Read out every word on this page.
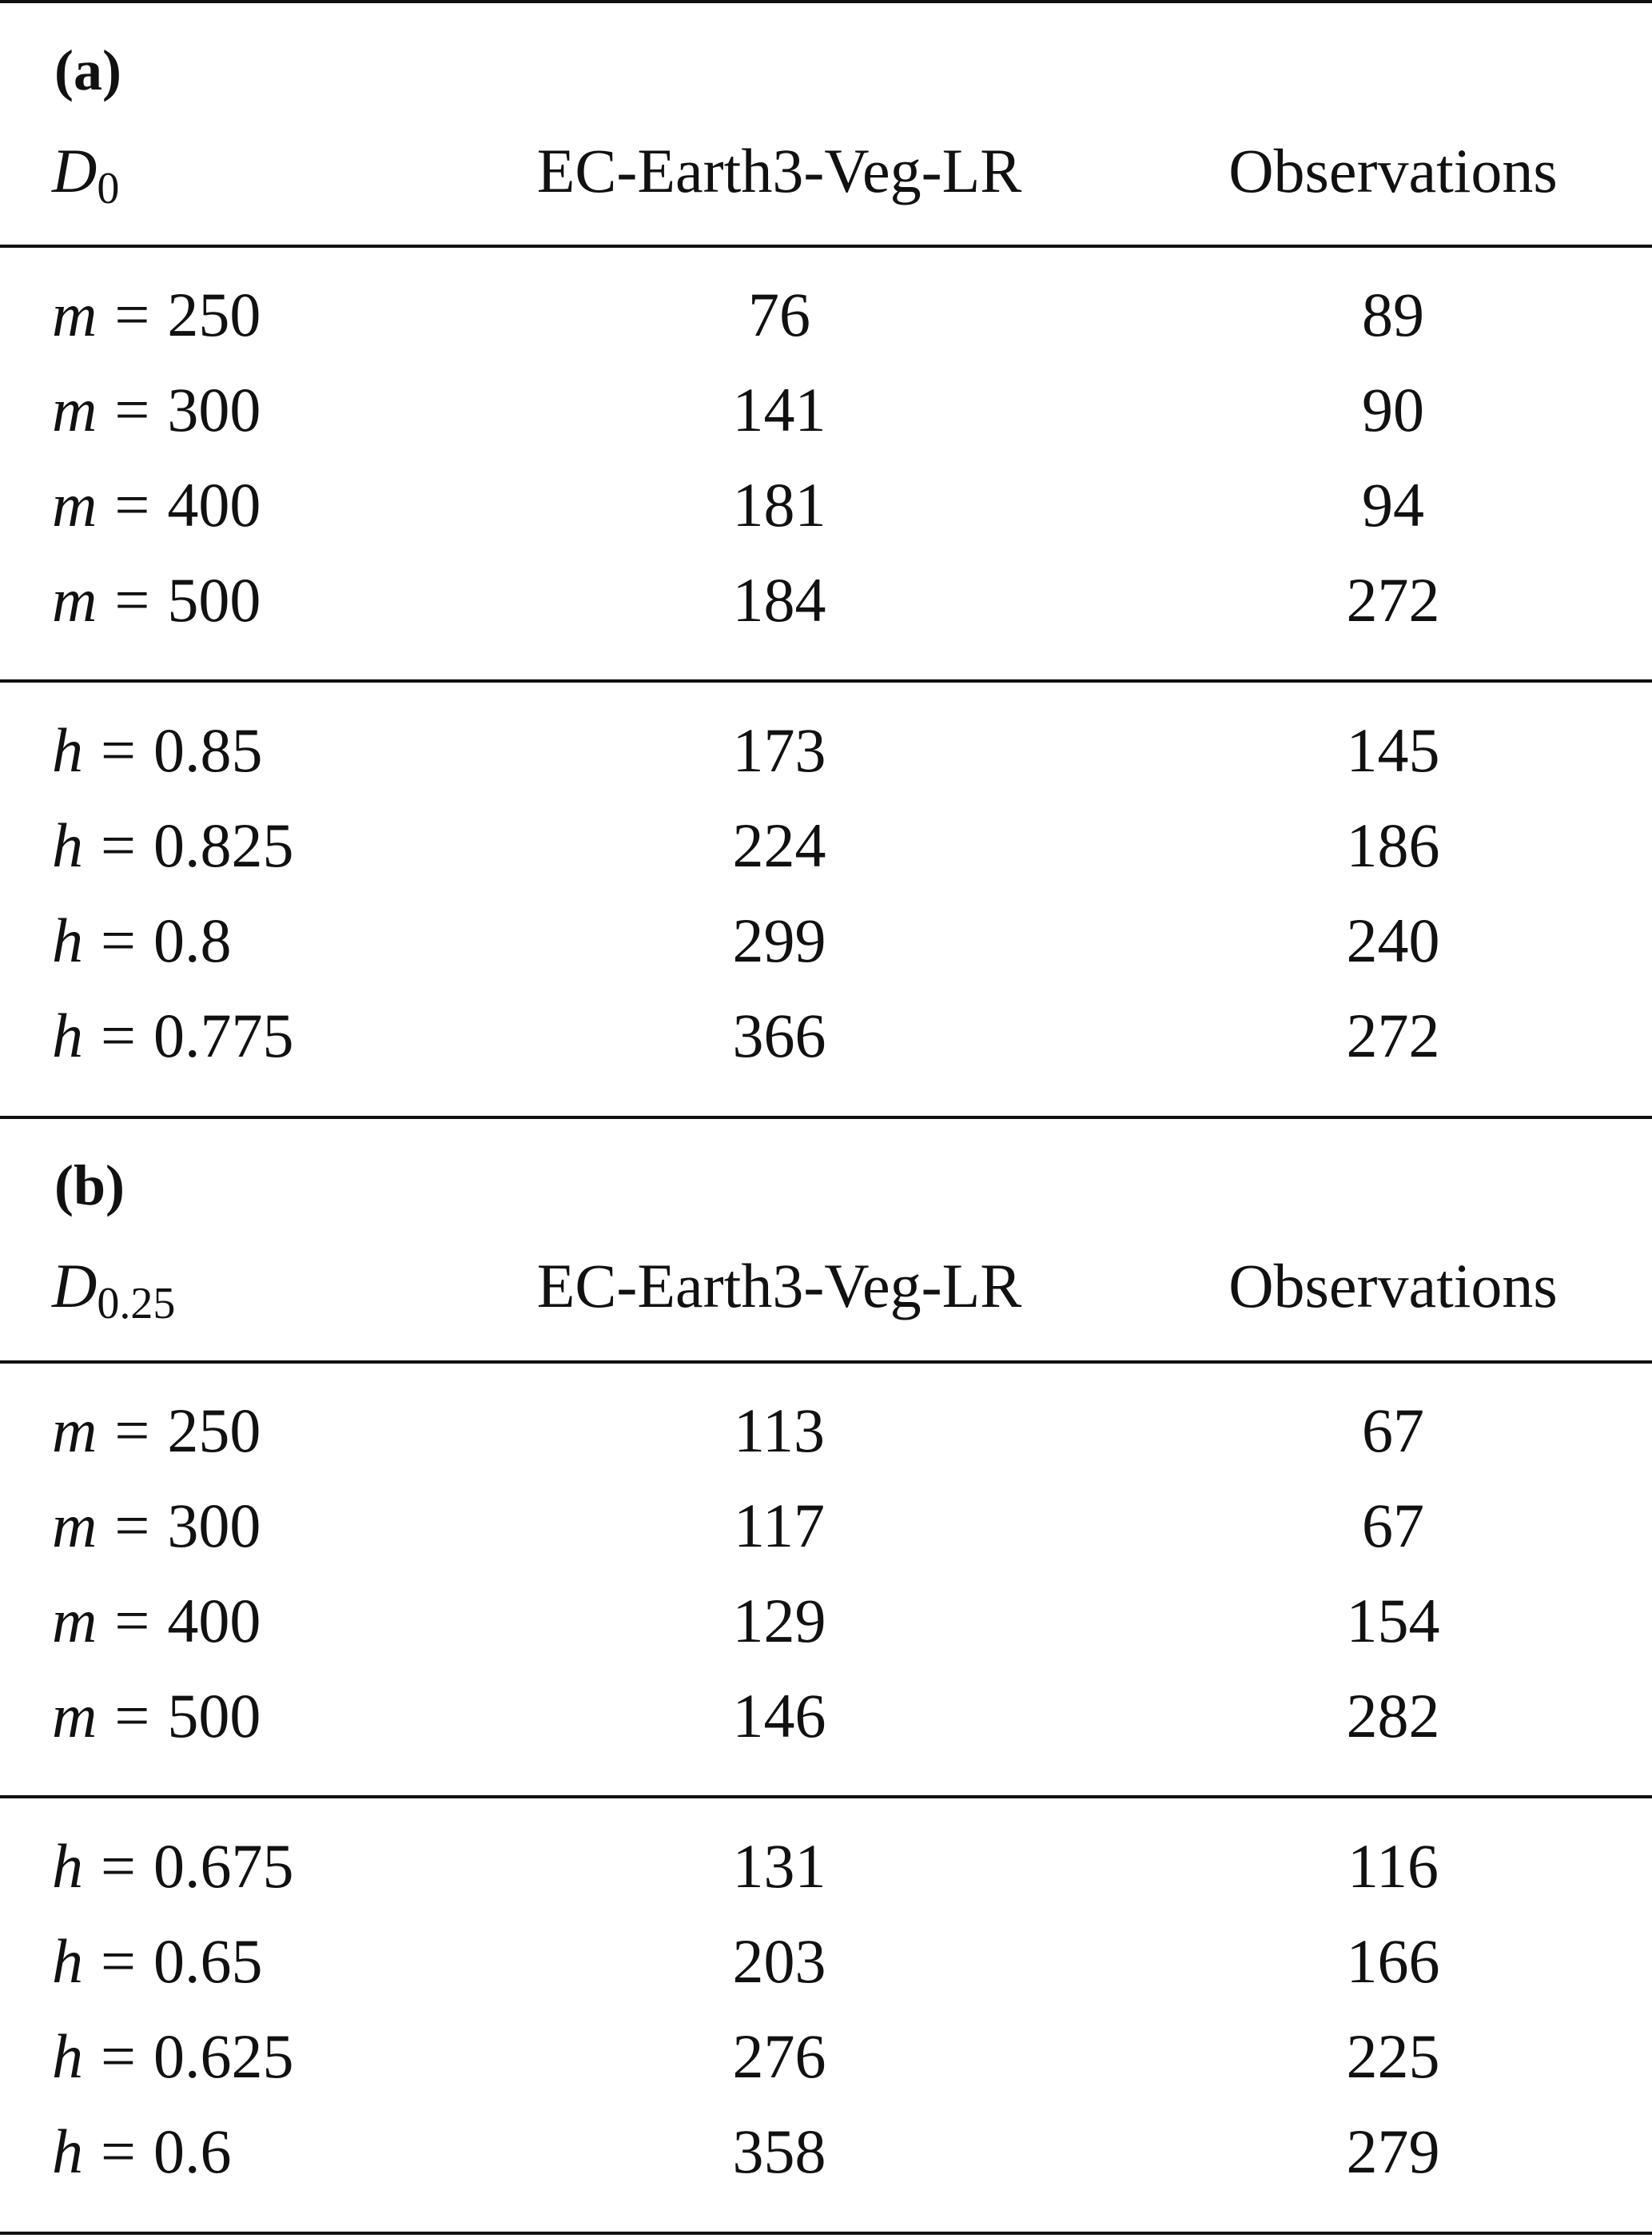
(a)
D0	EC-Earth3-Veg-LR	Observations
m = 250	76	89
m = 300	141	90
m = 400	181	94
m = 500	184	272
h = 0.85	173	145
h = 0.825	224	186
h = 0.8	299	240
h = 0.775	366	272
(b)
D0.25	EC-Earth3-Veg-LR	Observations
m = 250	113	67
m = 300	117	67
m = 400	129	154
m = 500	146	282
h = 0.675	131	116
h = 0.65	203	166
h = 0.625	276	225
h = 0.6	358	279
